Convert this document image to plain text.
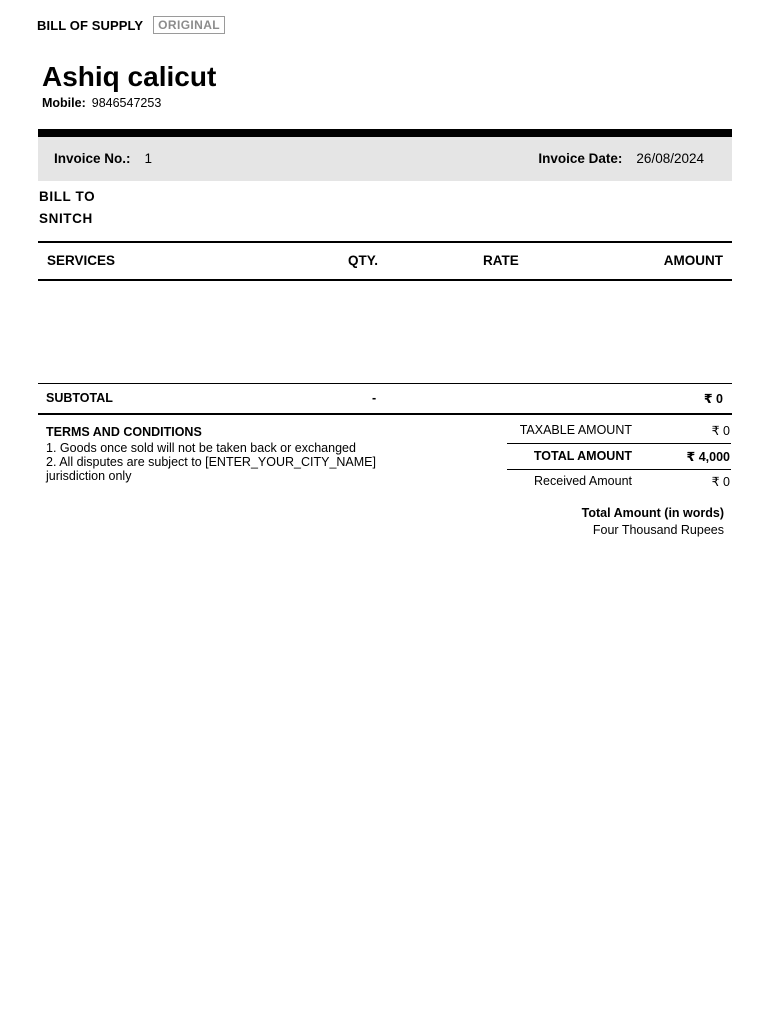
BILL OF SUPPLY	ORIGINAL
Ashiq calicut
Mobile: 9846547253
Invoice No.: 1	Invoice Date: 26/08/2024
BILL TO
SNITCH
SERVICES	QTY.	RATE	AMOUNT
SUBTOTAL	-	₹ 0
TERMS AND CONDITIONS
1. Goods once sold will not be taken back or exchanged
2. All disputes are subject to [ENTER_YOUR_CITY_NAME] jurisdiction only
TAXABLE AMOUNT	₹ 0
TOTAL AMOUNT	₹ 4,000
Received Amount	₹ 0
Total Amount (in words)
Four Thousand Rupees
